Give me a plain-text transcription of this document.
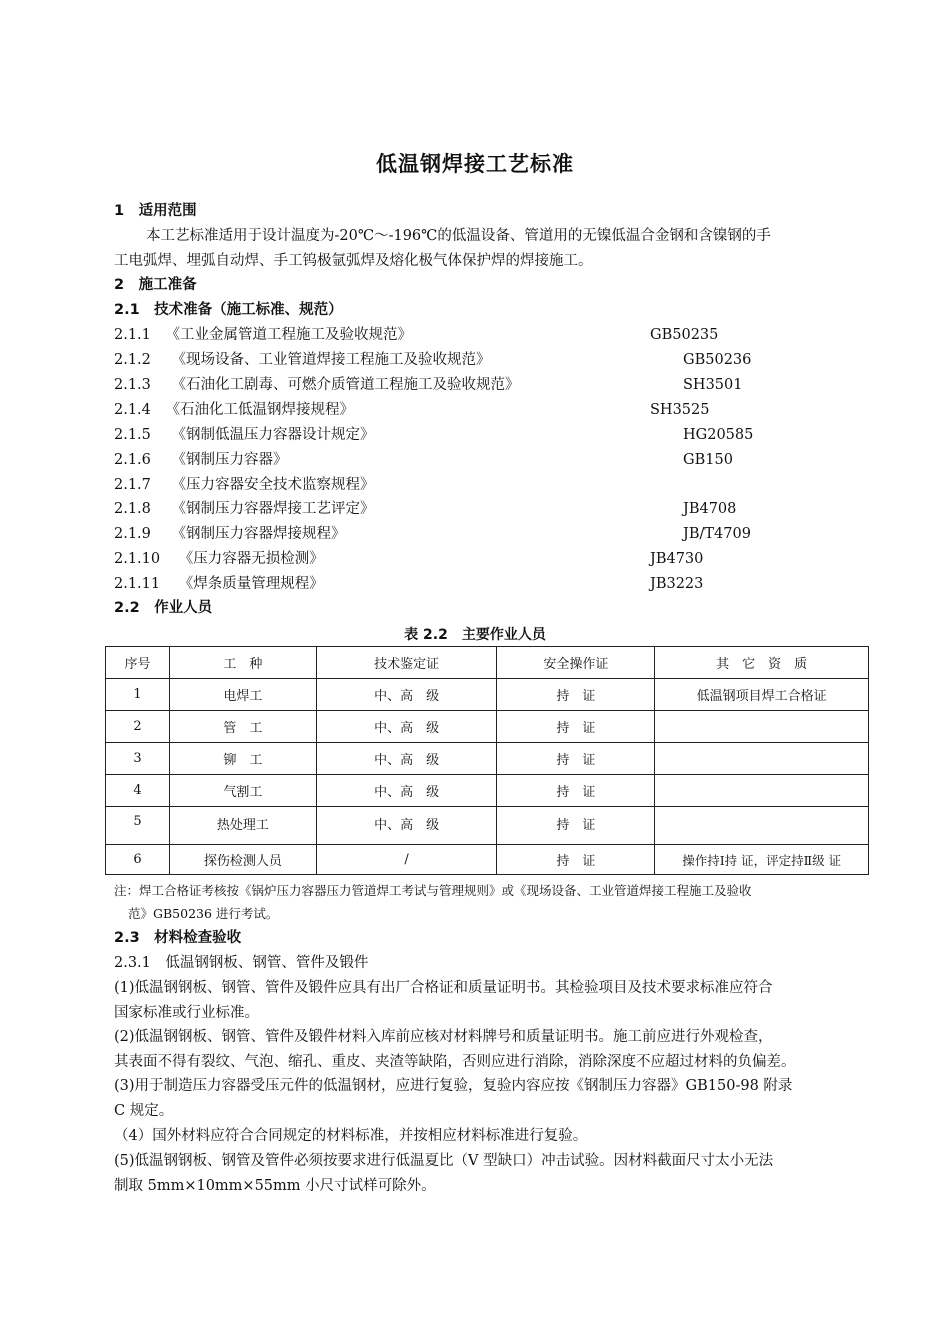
低温钢焊接工艺标准
1　适用范围
本工艺标准适用于设计温度为-20℃～-196℃的低温设备、管道用的无镍低温合金钢和含镍钢的手
工电弧焊、埋弧自动焊、手工钨极氩弧焊及熔化极气体保护焊的焊接施工。
2　施工准备
2.1　技术准备（施工标准、规范）
2.1.1 《工业金属管道工程施工及验收规范》	GB50235
2.1.2 《现场设备、工业管道焊接工程施工及验收规范》	GB50236
2.1.3 《石油化工剧毒、可燃介质管道工程施工及验收规范》	SH3501
2.1.4 《石油化工低温钢焊接规程》	SH3525
2.1.5 《钢制低温压力容器设计规定》	HG20585
2.1.6 《钢制压力容器》	GB150
2.1.7 《压力容器安全技术监察规程》
2.1.8 《钢制压力容器焊接工艺评定》	JB4708
2.1.9 《钢制压力容器焊接规程》	JB/T4709
2.1.10 《压力容器无损检测》	JB4730
2.1.11 《焊条质量管理规程》	JB3223
2.2　作业人员
表 2.2　主要作业人员
序号	工　种	技术鉴定证	安全操作证	其　它　资　质
1	电焊工	中、高　级	持　证	低温钢项目焊工合格证
2	管　工	中、高　级	持　证	
3	铆　工	中、高　级	持　证	
4	气割工	中、高　级	持　证	
5	热处理工	中、高　级	持　证	
6	探伤检测人员	/	持　证	操作持Ⅰ持 证，评定持Ⅱ级 证
注：焊工合格证考核按《锅炉压力容器压力管道焊工考试与管理规则》或《现场设备、工业管道焊接工程施工及验收
范》GB50236 进行考试。
2.3　材料检查验收
2.3.1　低温钢钢板、钢管、管件及锻件
(1)低温钢钢板、钢管、管件及锻件应具有出厂合格证和质量证明书。其检验项目及技术要求标准应符合
国家标准或行业标准。
(2)低温钢钢板、钢管、管件及锻件材料入库前应核对材料牌号和质量证明书。施工前应进行外观检查，
其表面不得有裂纹、气泡、缩孔、重皮、夹渣等缺陷，否则应进行消除，消除深度不应超过材料的负偏差。
(3)用于制造压力容器受压元件的低温钢材，应进行复验，复验内容应按《钢制压力容器》GB150-98 附录
C 规定。
（4）国外材料应符合合同规定的材料标准，并按相应材料标准进行复验。
(5)低温钢钢板、钢管及管件必须按要求进行低温夏比（V 型缺口）冲击试验。因材料截面尺寸太小无法
制取 5mm×10mm×55mm 小尺寸试样可除外。
